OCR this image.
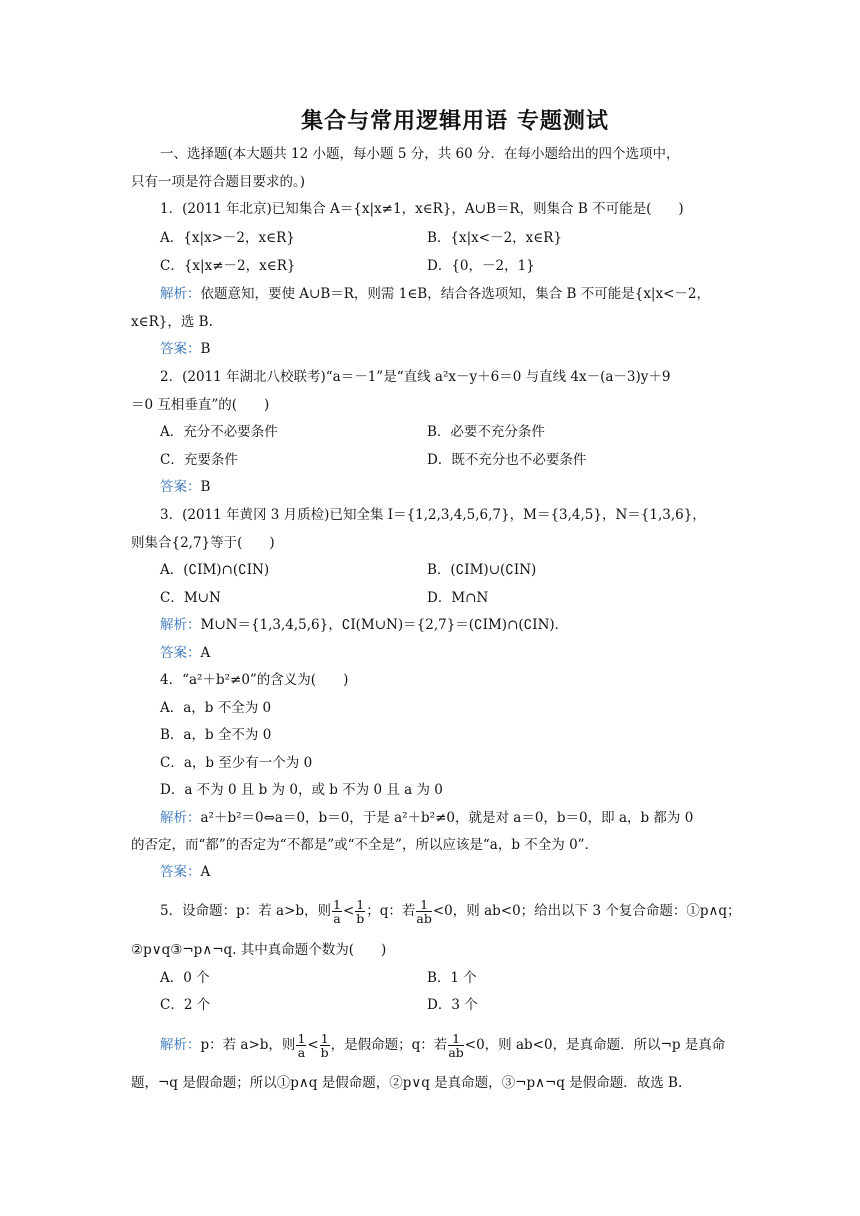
集合与常用逻辑用语 专题测试
一、选择题(本大题共 12 小题，每小题 5 分，共 60 分．在每小题给出的四个选项中，
只有一项是符合题目要求的。)
1．(2011 年北京)已知集合 A＝{x|x≠1，x∈R}，A∪B＝R，则集合 B 不可能是(　　)
A．{x|x>－2，x∈R}	B．{x|x<－2，x∈R}
C．{x|x≠－2，x∈R}	D．{0，－2，1}
解析：依题意知，要使 A∪B＝R，则需 1∈B，结合各选项知，集合 B 不可能是{x|x<－2，
x∈R}，选 B.
答案：B
2．(2011 年湖北八校联考)“a＝－1”是“直线 a²x－y＋6＝0 与直线 4x－(a－3)y＋9
＝0 互相垂直”的(　　)
A．充分不必要条件	B．必要不充分条件
C．充要条件	D．既不充分也不必要条件
答案：B
3．(2011 年黄冈 3 月质检)已知全集 I＝{1,2,3,4,5,6,7}，M＝{3,4,5}，N＝{1,3,6}，
则集合{2,7}等于(　　)
A．(∁IM)∩(∁IN)	B．(∁IM)∪(∁IN)
C．M∪N	D．M∩N
解析：M∪N＝{1,3,4,5,6}，∁I(M∪N)＝{2,7}＝(∁IM)∩(∁IN)．
答案：A
4．“a²＋b²≠0”的含义为(　　)
A．a，b 不全为 0
B．a，b 全不为 0
C．a，b 至少有一个为 0
D．a 不为 0 且 b 为 0，或 b 不为 0 且 a 为 0
解析：a²＋b²＝0⇔a＝0，b＝0，于是 a²＋b²≠0，就是对 a＝0，b＝0，即 a，b 都为 0
的否定，而“都”的否定为“不都是”或“不全是”，所以应该是“a，b 不全为 0”．
答案：A
5．设命题：p：若 a>b，则 $\frac{1}{a} < \frac{1}{b}$ ；q：若 $\frac{1}{ab} <0$，则 ab<0；给出以下 3 个复合命题：①p∧q；
②p∨q③¬p∧¬q. 其中真命题个数为(　　)
A．0 个	B．1 个
C．2 个	D．3 个
解析：p：若 a>b，则 $\frac{1}{a} < \frac{1}{b}$ ，是假命题；q：若 $\frac{1}{ab} <0$，则 ab<0，是真命题．所以¬p 是真命
题，¬q 是假命题；所以①p∧q 是假命题，②p∨q 是真命题，③¬p∧¬q 是假命题．故选 B.
